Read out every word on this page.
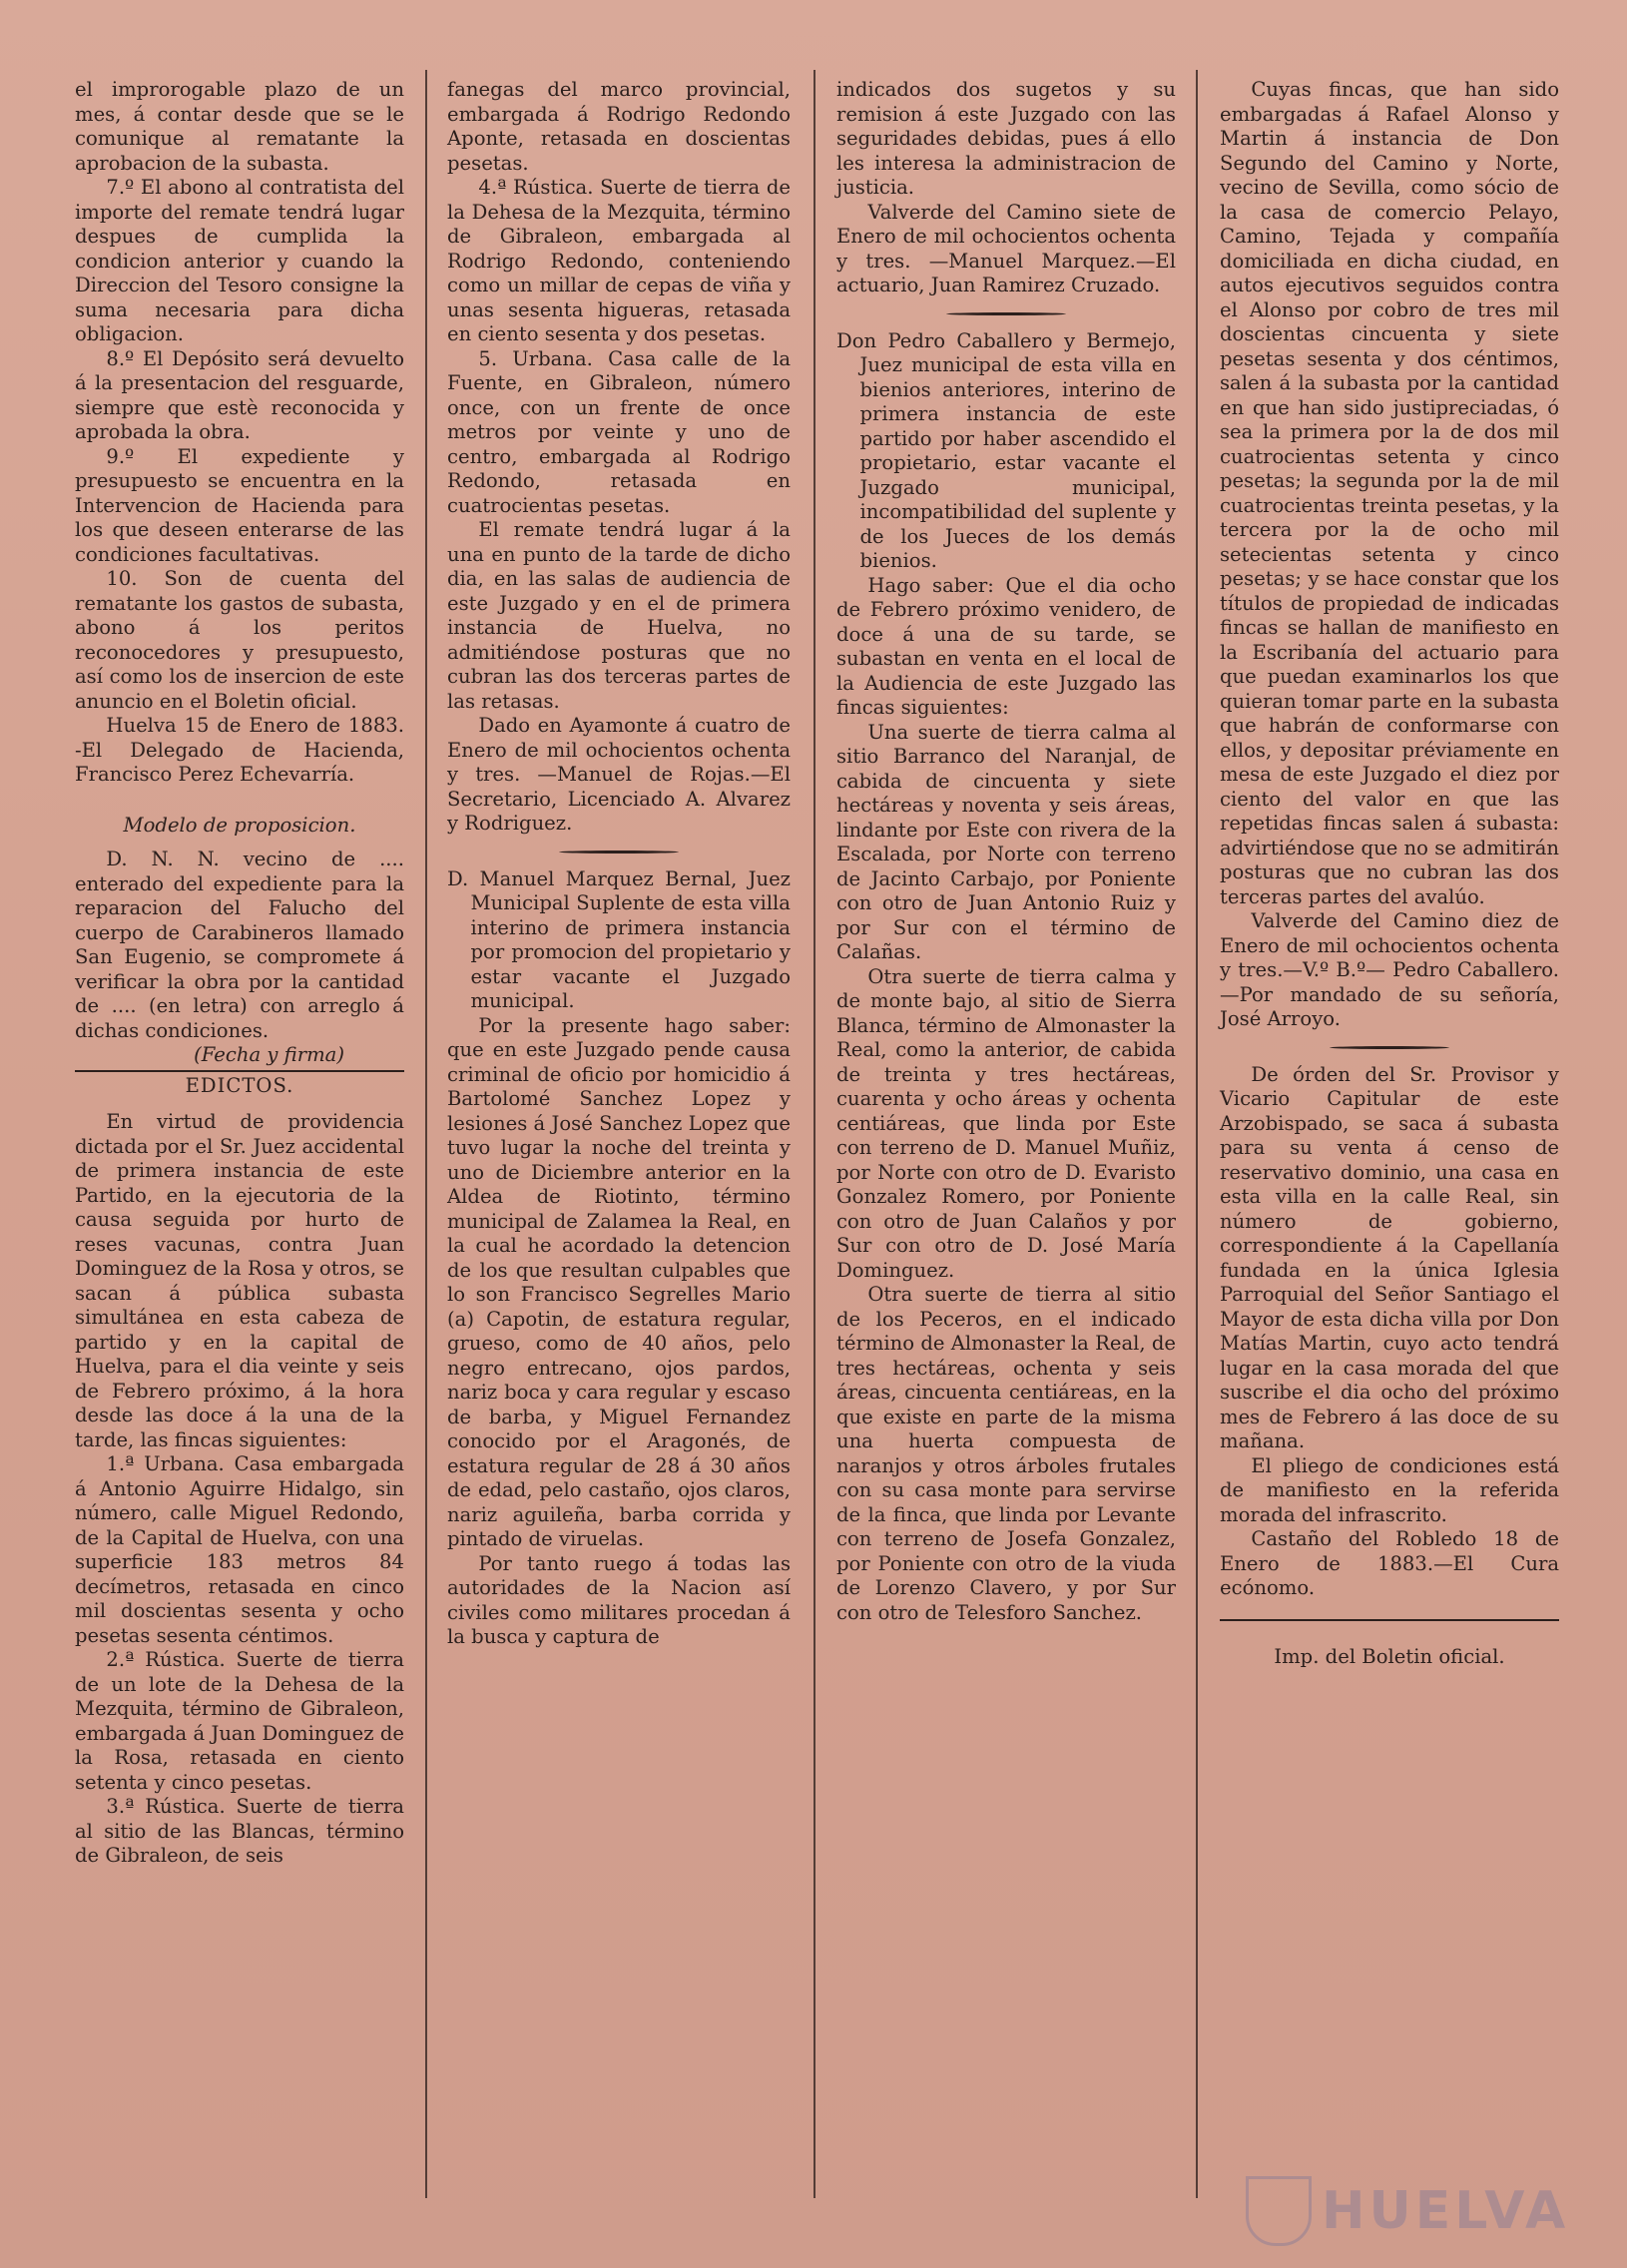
el improrogable plazo de un mes, á contar desde que se le comunique al rematante la aprobacion de la subasta.

7.º El abono al contratista del importe del remate tendrá lugar despues de cumplida la condicion anterior y cuando la Direccion del Tesoro consigne la suma necesaria para dicha obligacion.

8.º El Depósito será devuelto á la presentacion del resguarde, siempre que estè reconocida y aprobada la obra.

9.º El expediente y presupuesto se encuentra en la Intervencion de Hacienda para los que deseen enterarse de las condiciones facultativas.

10. Son de cuenta del rematante los gastos de subasta, abono á los peritos reconocedores y presupuesto, así como los de insercion de este anuncio en el Boletin oficial.

Huelva 15 de Enero de 1883. -El Delegado de Hacienda, Francisco Perez Echevarría.

Modelo de proposicion.

D. N. N. vecino de .... enterado del expediente para la reparacion del Falucho del cuerpo de Carabineros llamado San Eugenio, se compromete á verificar la obra por la cantidad de .... (en letra) con arreglo á dichas condiciones.

(Fecha y firma)

EDICTOS.

En virtud de providencia dictada por el Sr. Juez accidental de primera instancia de este Partido, en la ejecutoria de la causa seguida por hurto de reses vacunas, contra Juan Dominguez de la Rosa y otros, se sacan á pública subasta simultánea en esta cabeza de partido y en la capital de Huelva, para el dia veinte y seis de Febrero próximo, á la hora desde las doce á la una de la tarde, las fincas siguientes:

1.ª Urbana. Casa embargada á Antonio Aguirre Hidalgo, sin número, calle Miguel Redondo, de la Capital de Huelva, con una superficie 183 metros 84 decímetros, retasada en cinco mil doscientas sesenta y ocho pesetas sesenta céntimos.

2.ª Rústica. Suerte de tierra de un lote de la Dehesa de la Mezquita, término de Gibraleon, embargada á Juan Dominguez de la Rosa, retasada en ciento setenta y cinco pesetas.

3.ª Rústica. Suerte de tierra al sitio de las Blancas, término de Gibraleon, de seis

fanegas del marco provincial, embargada á Rodrigo Redondo Aponte, retasada en doscientas pesetas.

4.ª Rústica. Suerte de tierra de la Dehesa de la Mezquita, término de Gibraleon, embargada al Rodrigo Redondo, conteniendo como un millar de cepas de viña y unas sesenta higueras, retasada en ciento sesenta y dos pesetas.

5. Urbana. Casa calle de la Fuente, en Gibraleon, número once, con un frente de once metros por veinte y uno de centro, embargada al Rodrigo Redondo, retasada en cuatrocientas pesetas.

El remate tendrá lugar á la una en punto de la tarde de dicho dia, en las salas de audiencia de este Juzgado y en el de primera instancia de Huelva, no admitiéndose posturas que no cubran las dos terceras partes de las retasas.

Dado en Ayamonte á cuatro de Enero de mil ochocientos ochenta y tres. —Manuel de Rojas.—El Secretario, Licenciado A. Alvarez y Rodriguez.

D. Manuel Marquez Bernal, Juez Municipal Suplente de esta villa interino de primera instancia por promocion del propietario y estar vacante el Juzgado municipal.

Por la presente hago saber: que en este Juzgado pende causa criminal de oficio por homicidio á Bartolomé Sanchez Lopez y lesiones á José Sanchez Lopez que tuvo lugar la noche del treinta y uno de Diciembre anterior en la Aldea de Riotinto, término municipal de Zalamea la Real, en la cual he acordado la detencion de los que resultan culpables que lo son Francisco Segrelles Mario (a) Capotin, de estatura regular, grueso, como de 40 años, pelo negro entrecano, ojos pardos, nariz boca y cara regular y escaso de barba, y Miguel Fernandez conocido por el Aragonés, de estatura regular de 28 á 30 años de edad, pelo castaño, ojos claros, nariz aguileña, barba corrida y pintado de viruelas.

Por tanto ruego á todas las autoridades de la Nacion así civiles como militares procedan á la busca y captura de

indicados dos sugetos y su remision á este Juzgado con las seguridades debidas, pues á ello les interesa la administracion de justicia.

Valverde del Camino siete de Enero de mil ochocientos ochenta y tres. —Manuel Marquez.—El actuario, Juan Ramirez Cruzado.

Don Pedro Caballero y Bermejo, Juez municipal de esta villa en bienios anteriores, interino de primera instancia de este partido por haber ascendido el propietario, estar vacante el Juzgado municipal, incompatibilidad del suplente y de los Jueces de los demás bienios.

Hago saber: Que el dia ocho de Febrero próximo venidero, de doce á una de su tarde, se subastan en venta en el local de la Audiencia de este Juzgado las fincas siguientes:

Una suerte de tierra calma al sitio Barranco del Naranjal, de cabida de cincuenta y siete hectáreas y noventa y seis áreas, lindante por Este con rivera de la Escalada, por Norte con terreno de Jacinto Carbajo, por Poniente con otro de Juan Antonio Ruiz y por Sur con el término de Calañas.

Otra suerte de tierra calma y de monte bajo, al sitio de Sierra Blanca, término de Almonaster la Real, como la anterior, de cabida de treinta y tres hectáreas, cuarenta y ocho áreas y ochenta centiáreas, que linda por Este con terreno de D. Manuel Muñiz, por Norte con otro de D. Evaristo Gonzalez Romero, por Poniente con otro de Juan Calaños y por Sur con otro de D. José María Dominguez.

Otra suerte de tierra al sitio de los Peceros, en el indicado término de Almonaster la Real, de tres hectáreas, ochenta y seis áreas, cincuenta centiáreas, en la que existe en parte de la misma una huerta compuesta de naranjos y otros árboles frutales con su casa monte para servirse de la finca, que linda por Levante con terreno de Josefa Gonzalez, por Poniente con otro de la viuda de Lorenzo Clavero, y por Sur con otro de Telesforo Sanchez.

Cuyas fincas, que han sido embargadas á Rafael Alonso y Martin á instancia de Don Segundo del Camino y Norte, vecino de Sevilla, como sócio de la casa de comercio Pelayo, Camino, Tejada y compañía domiciliada en dicha ciudad, en autos ejecutivos seguidos contra el Alonso por cobro de tres mil doscientas cincuenta y siete pesetas sesenta y dos céntimos, salen á la subasta por la cantidad en que han sido justipreciadas, ó sea la primera por la de dos mil cuatrocientas setenta y cinco pesetas; la segunda por la de mil cuatrocientas treinta pesetas, y la tercera por la de ocho mil setecientas setenta y cinco pesetas; y se hace constar que los títulos de propiedad de indicadas fincas se hallan de manifiesto en la Escribanía del actuario para que puedan examinarlos los que quieran tomar parte en la subasta que habrán de conformarse con ellos, y depositar préviamente en mesa de este Juzgado el diez por ciento del valor en que las repetidas fincas salen á subasta: advirtiéndose que no se admitirán posturas que no cubran las dos terceras partes del avalúo.

Valverde del Camino diez de Enero de mil ochocientos ochenta y tres.—V.º B.º— Pedro Caballero.—Por mandado de su señoría, José Arroyo.

De órden del Sr. Provisor y Vicario Capitular de este Arzobispado, se saca á subasta para su venta á censo de reservativo dominio, una casa en esta villa en la calle Real, sin número de gobierno, correspondiente á la Capellanía fundada en la única Iglesia Parroquial del Señor Santiago el Mayor de esta dicha villa por Don Matías Martin, cuyo acto tendrá lugar en la casa morada del que suscribe el dia ocho del próximo mes de Febrero á las doce de su mañana.

El pliego de condiciones está de manifiesto en la referida morada del infrascrito.

Castaño del Robledo 18 de Enero de 1883.—El Cura ecónomo.

Imp. del Boletin oficial.

HUELVA
